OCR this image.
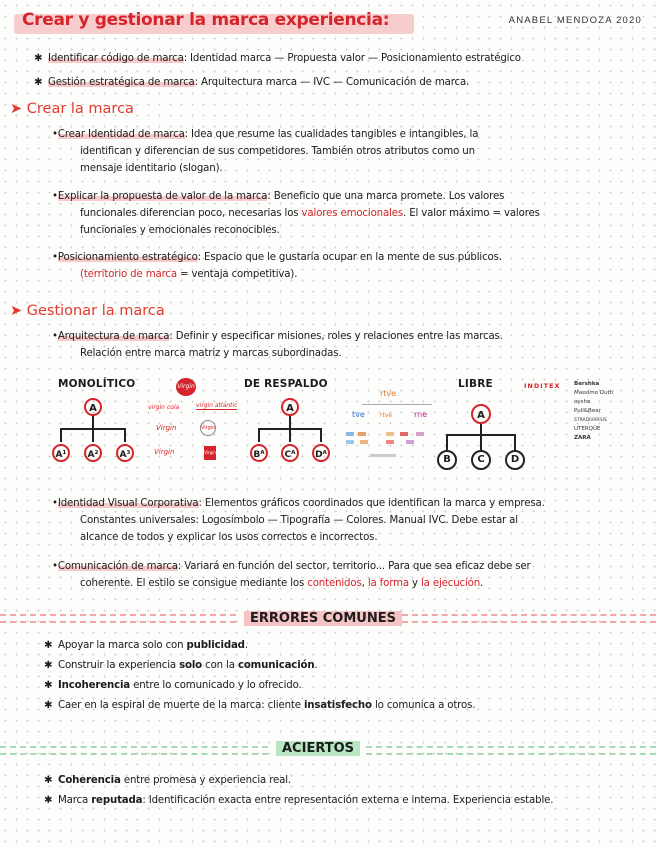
Crear y gestionar la marca experiencia:	ANABEL MENDOZA 2020
✱ Identificar código de marca: Identidad marca — Propuesta valor — Posicionamiento estratégico
✱ Gestión estratégica de marca: Arquitectura marca — IVC — Comunicación de marca.
➤ Crear la marca
•Crear Identidad de marca: Idea que resume las cualidades tangibles e intangibles, la
identifican y diferencian de sus competidores. También otros atributos como un
mensaje identitario (slogan).
•Explicar la propuesta de valor de la marca: Beneficio que una marca promete. Los valores
funcionales diferencian poco, necesarias los valores emocionales. El valor máximo = valores
funcionales y emocionales reconocibles.
•Posicionamiento estratégico: Espacio que le gustaría ocupar en la mente de sus públicos.
(territorio de marca = ventaja competitiva).
➤ Gestionar la marca
•Arquitectura de marca: Definir y especificar misiones, roles y relaciones entre las marcas.
Relación entre marca matriz y marcas subordinadas.
MONOLÍTICO
A
A¹	A²	A³
Virgin
virgin cola	virgin atlantic
Virgin	Virgin
Virgin	Virgin
DE RESPALDO
A
Bᴬ	Cᴬ	Dᴬ
rtve
tve	rtve	rne
LIBRE
A
B	C	D
INDITEX Bershka
Massimo Dutti
oysho
Pull&Bear
STRADIVARIUS
UTERQÜE
ZARA
•Identidad Visual Corporativa: Elementos gráficos coordinados que identifican la marca y empresa.
Constantes universales: Logosímbolo — Tipografía — Colores. Manual IVC. Debe estar al
alcance de todos y explicar los usos correctos e incorrectos.
•Comunicación de marca: Variará en función del sector, territorio... Para que sea eficaz debe ser
coherente. El estilo se consigue mediante los contenidos, la forma y la ejecución.
ERRORES COMUNES
✱ Apoyar la marca solo con publicidad.
✱ Construir la experiencia solo con la comunicación.
✱ Incoherencia entre lo comunicado y lo ofrecido.
✱ Caer en la espiral de muerte de la marca: cliente insatisfecho lo comunica a otros.
ACIERTOS
✱ Coherencia entre promesa y experiencia real.
✱ Marca reputada: Identificación exacta entre representación externa e interna. Experiencia estable.
